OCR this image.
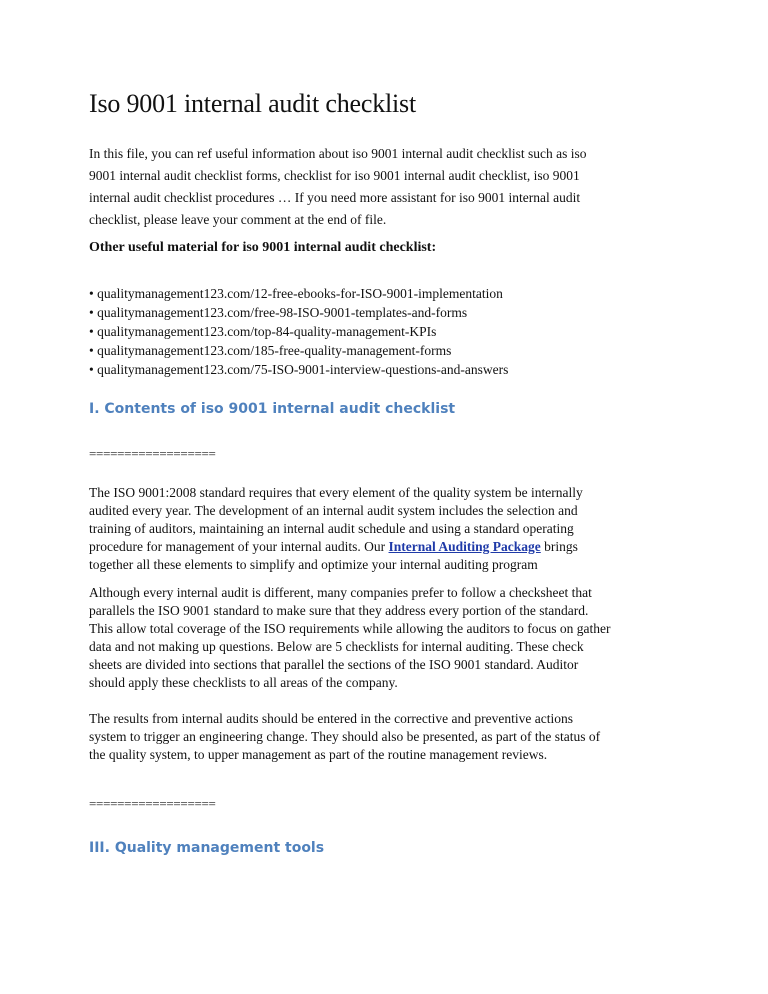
Iso 9001 internal audit checklist
In this file, you can ref useful information about iso 9001 internal audit checklist such as iso
9001 internal audit checklist forms, checklist for iso 9001 internal audit checklist, iso 9001
internal audit checklist procedures … If you need more assistant for iso 9001 internal audit
checklist, please leave your comment at the end of file.
Other useful material for iso 9001 internal audit checklist:
• qualitymanagement123.com/12-free-ebooks-for-ISO-9001-implementation
• qualitymanagement123.com/free-98-ISO-9001-templates-and-forms
• qualitymanagement123.com/top-84-quality-management-KPIs
• qualitymanagement123.com/185-free-quality-management-forms
• qualitymanagement123.com/75-ISO-9001-interview-questions-and-answers
I. Contents of iso 9001 internal audit checklist
==================
The ISO 9001:2008 standard requires that every element of the quality system be internally
audited every year. The development of an internal audit system includes the selection and
training of auditors, maintaining an internal audit schedule and using a standard operating
procedure for management of your internal audits. Our Internal Auditing Package brings
together all these elements to simplify and optimize your internal auditing program
Although every internal audit is different, many companies prefer to follow a checksheet that
parallels the ISO 9001 standard to make sure that they address every portion of the standard.
This allow total coverage of the ISO requirements while allowing the auditors to focus on gather
data and not making up questions. Below are 5 checklists for internal auditing. These check
sheets are divided into sections that parallel the sections of the ISO 9001 standard. Auditor
should apply these checklists to all areas of the company.
The results from internal audits should be entered in the corrective and preventive actions
system to trigger an engineering change. They should also be presented, as part of the status of
the quality system, to upper management as part of the routine management reviews.
==================
III. Quality management tools
